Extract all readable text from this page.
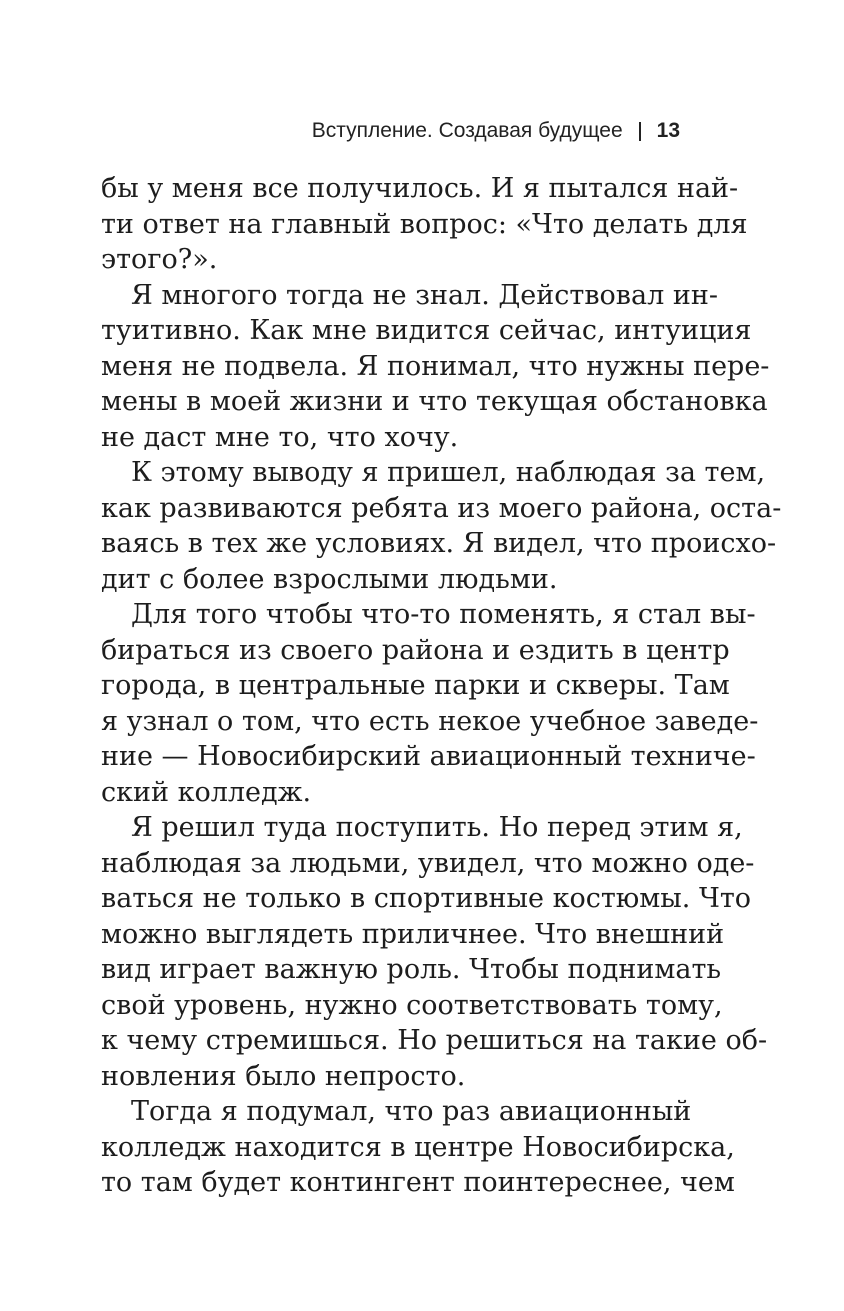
Вступление. Создавая будущее 13
бы у меня все получилось. И я пытался най-
ти ответ на главный вопрос: «Что делать для
этого?».
Я многого тогда не знал. Действовал ин-
туитивно. Как мне видится сейчас, интуиция
меня не подвела. Я понимал, что нужны пере-
мены в моей жизни и что текущая обстановка
не даст мне то, что хочу.
К этому выводу я пришел, наблюдая за тем,
как развиваются ребята из моего района, оста-
ваясь в тех же условиях. Я видел, что происхо-
дит с более взрослыми людьми.
Для того чтобы что-то поменять, я стал вы-
бираться из своего района и ездить в центр
города, в центральные парки и скверы. Там
я узнал о том, что есть некое учебное заведе-
ние — Новосибирский авиационный техниче-
ский колледж.
Я решил туда поступить. Но перед этим я,
наблюдая за людьми, увидел, что можно оде-
ваться не только в спортивные костюмы. Что
можно выглядеть приличнее. Что внешний
вид играет важную роль. Чтобы поднимать
свой уровень, нужно соответствовать тому,
к чему стремишься. Но решиться на такие об-
новления было непросто.
Тогда я подумал, что раз авиационный
колледж находится в центре Новосибирска,
то там будет контингент поинтереснее, чем
